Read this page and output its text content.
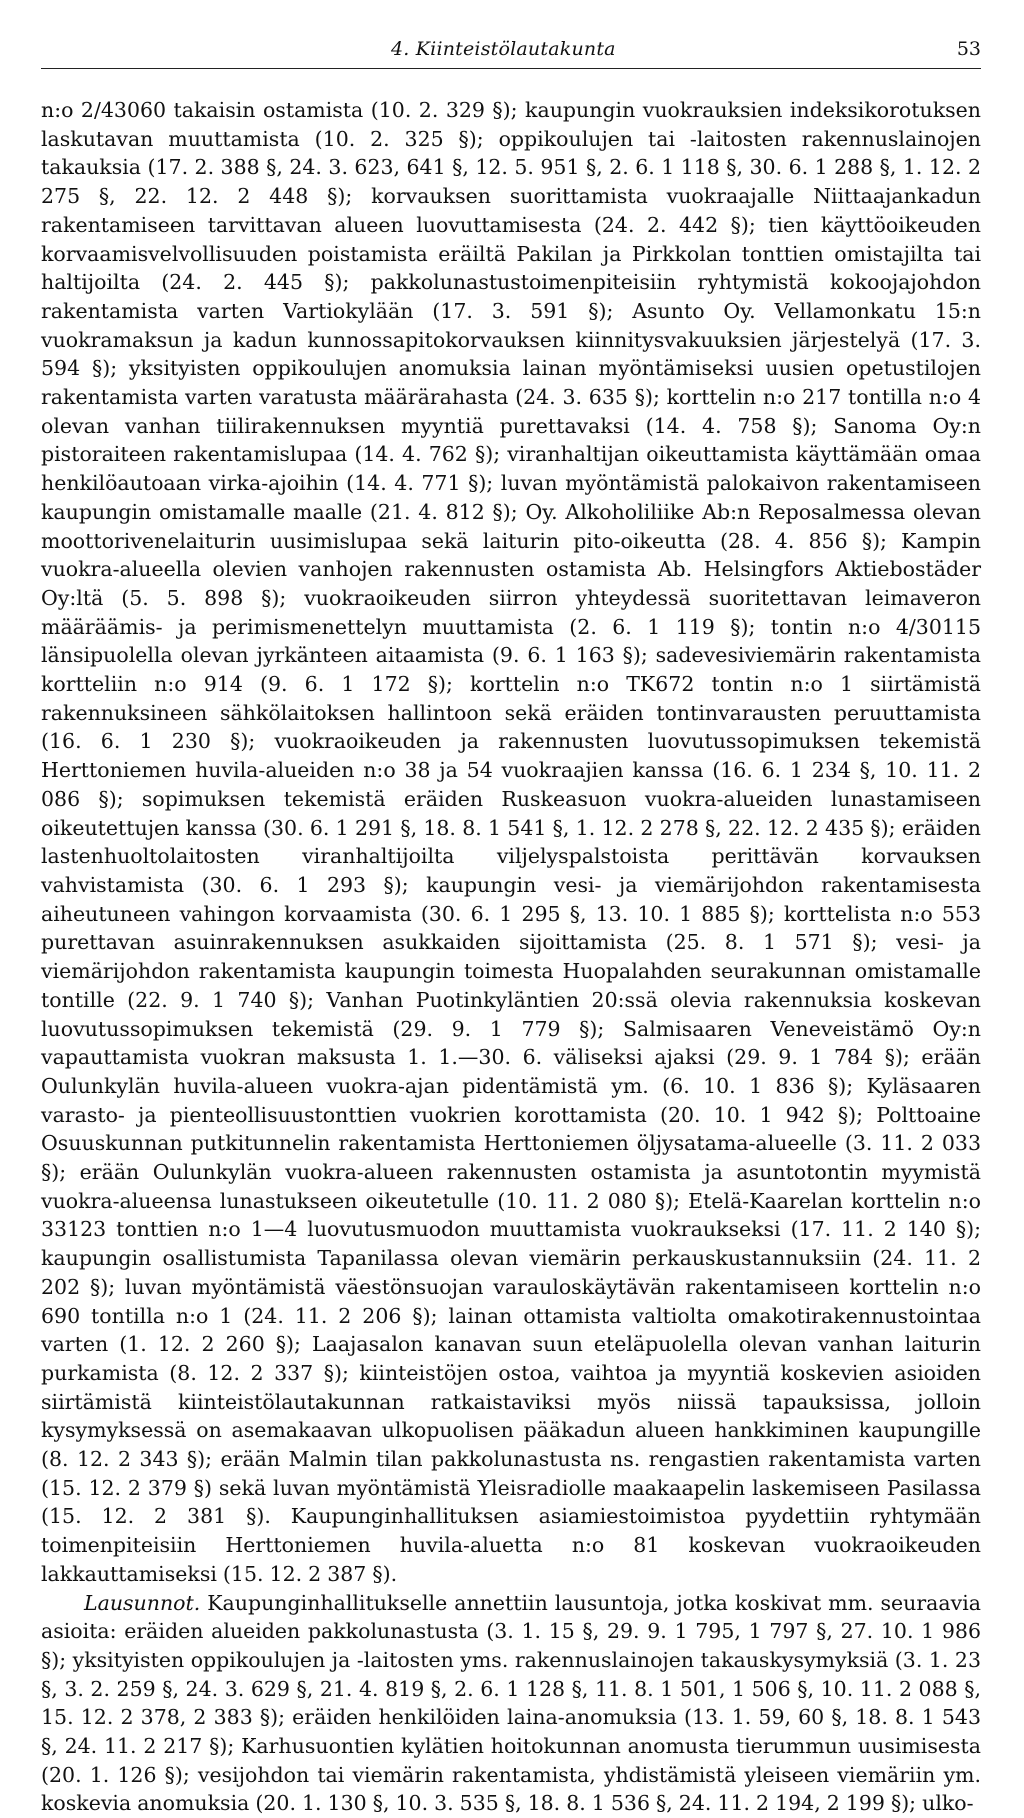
4. Kiinteistölautakunta	53

n:o 2/43060 takaisin ostamista (10. 2. 329 §); kaupungin vuokrauksien indeksikorotuksen laskutavan muuttamista (10. 2. 325 §); oppikoulujen tai -laitosten rakennuslainojen takauksia (17. 2. 388 §, 24. 3. 623, 641 §, 12. 5. 951 §, 2. 6. 1 118 §, 30. 6. 1 288 §, 1. 12. 2 275 §, 22. 12. 2 448 §); korvauksen suorittamista vuokraajalle Niittaajankadun rakentamiseen tarvittavan alueen luovuttamisesta (24. 2. 442 §); tien käyttöoikeuden korvaamisvelvollisuuden poistamista eräiltä Pakilan ja Pirkkolan tonttien omistajilta tai haltijoilta (24. 2. 445 §); pakkolunastustoimenpiteisiin ryhtymistä kokoojajohdon rakentamista varten Vartiokylään (17. 3. 591 §); Asunto Oy. Vellamonkatu 15:n vuokramaksun ja kadun kunnossapitokorvauksen kiinnitysvakuuksien järjestelyä (17. 3. 594 §); yksityisten oppikoulujen anomuksia lainan myöntämiseksi uusien opetustilojen rakentamista varten varatusta määrärahasta (24. 3. 635 §); korttelin n:o 217 tontilla n:o 4 olevan vanhan tiilirakennuksen myyntiä purettavaksi (14. 4. 758 §); Sanoma Oy:n pistoraiteen rakentamislupaa (14. 4. 762 §); viranhaltijan oikeuttamista käyttämään omaa henkilöautoaan virka-ajoihin (14. 4. 771 §); luvan myöntämistä palokaivon rakentamiseen kaupungin omistamalle maalle (21. 4. 812 §); Oy. Alkoholiliike Ab:n Reposalmessa olevan moottorivenelaiturin uusimislupaa sekä laiturin pito-oikeutta (28. 4. 856 §); Kampin vuokra-alueella olevien vanhojen rakennusten ostamista Ab. Helsingfors Aktiebostäder Oy:ltä (5. 5. 898 §); vuokraoikeuden siirron yhteydessä suoritettavan leimaveron määräämis- ja perimismenettelyn muuttamista (2. 6. 1 119 §); tontin n:o 4/30115 länsipuolella olevan jyrkänteen aitaamista (9. 6. 1 163 §); sadevesiviemärin rakentamista kortteliin n:o 914 (9. 6. 1 172 §); korttelin n:o TK672 tontin n:o 1 siirtämistä rakennuksineen sähkölaitoksen hallintoon sekä eräiden tontinvarausten peruuttamista (16. 6. 1 230 §); vuokraoikeuden ja rakennusten luovutussopimuksen tekemistä Herttoniemen huvila-alueiden n:o 38 ja 54 vuokraajien kanssa (16. 6. 1 234 §, 10. 11. 2 086 §); sopimuksen tekemistä eräiden Ruskeasuon vuokra-alueiden lunastamiseen oikeutettujen kanssa (30. 6. 1 291 §, 18. 8. 1 541 §, 1. 12. 2 278 §, 22. 12. 2 435 §); eräiden lastenhuoltolaitosten viranhaltijoilta viljelyspalstoista perittävän korvauksen vahvistamista (30. 6. 1 293 §); kaupungin vesi- ja viemärijohdon rakentamisesta aiheutuneen vahingon korvaamista (30. 6. 1 295 §, 13. 10. 1 885 §); korttelista n:o 553 purettavan asuinrakennuksen asukkaiden sijoittamista (25. 8. 1 571 §); vesi- ja viemärijohdon rakentamista kaupungin toimesta Huopalahden seurakunnan omistamalle tontille (22. 9. 1 740 §); Vanhan Puotinkyläntien 20:ssä olevia rakennuksia koskevan luovutussopimuksen tekemistä (29. 9. 1 779 §); Salmisaaren Veneveistämö Oy:n vapauttamista vuokran maksusta 1. 1.—30. 6. väliseksi ajaksi (29. 9. 1 784 §); erään Oulunkylän huvila-alueen vuokra-ajan pidentämistä ym. (6. 10. 1 836 §); Kyläsaaren varasto- ja pienteollisuustonttien vuokrien korottamista (20. 10. 1 942 §); Polttoaine Osuuskunnan putkitunnelin rakentamista Herttoniemen öljysatama-alueelle (3. 11. 2 033 §); erään Oulunkylän vuokra-alueen rakennusten ostamista ja asuntotontin myymistä vuokra-alueensa lunastukseen oikeutetulle (10. 11. 2 080 §); Etelä-Kaarelan korttelin n:o 33123 tonttien n:o 1—4 luovutusmuodon muuttamista vuokraukseksi (17. 11. 2 140 §); kaupungin osallistumista Tapanilassa olevan viemärin perkauskustannuksiin (24. 11. 2 202 §); luvan myöntämistä väestönsuojan varauloskäytävän rakentamiseen korttelin n:o 690 tontilla n:o 1 (24. 11. 2 206 §); lainan ottamista valtiolta omakotirakennustointaa varten (1. 12. 2 260 §); Laajasalon kanavan suun eteläpuolella olevan vanhan laiturin purkamista (8. 12. 2 337 §); kiinteistöjen ostoa, vaihtoa ja myyntiä koskevien asioiden siirtämistä kiinteistölautakunnan ratkaistaviksi myös niissä tapauksissa, jolloin kysymyksessä on asemakaavan ulkopuolisen pääkadun alueen hankkiminen kaupungille (8. 12. 2 343 §); erään Malmin tilan pakkolunastusta ns. rengastien rakentamista varten (15. 12. 2 379 §) sekä luvan myöntämistä Yleisradiolle maakaapelin laskemiseen Pasilassa (15. 12. 2 381 §). Kaupunginhallituksen asiamiestoimistoa pyydettiin ryhtymään toimenpiteisiin Herttoniemen huvila-aluetta n:o 81 koskevan vuokraoikeuden lakkauttamiseksi (15. 12. 2 387 §).

Lausunnot. Kaupunginhallitukselle annettiin lausuntoja, jotka koskivat mm. seuraavia asioita: eräiden alueiden pakkolunastusta (3. 1. 15 §, 29. 9. 1 795, 1 797 §, 27. 10. 1 986 §); yksityisten oppikoulujen ja -laitosten yms. rakennuslainojen takauskysymyksiä (3. 1. 23 §, 3. 2. 259 §, 24. 3. 629 §, 21. 4. 819 §, 2. 6. 1 128 §, 11. 8. 1 501, 1 506 §, 10. 11. 2 088 §, 15. 12. 2 378, 2 383 §); eräiden henkilöiden laina-anomuksia (13. 1. 59, 60 §, 18. 8. 1 543 §, 24. 11. 2 217 §); Karhusuontien kylätien hoitokunnan anomusta tierummun uusimisesta (20. 1. 126 §); vesijohdon tai viemärin rakentamista, yhdistämistä yleiseen viemäriin ym. koskevia anomuksia (20. 1. 130 §, 10. 3. 535 §, 18. 8. 1 536 §, 24. 11. 2 194, 2 199 §); ulko-
